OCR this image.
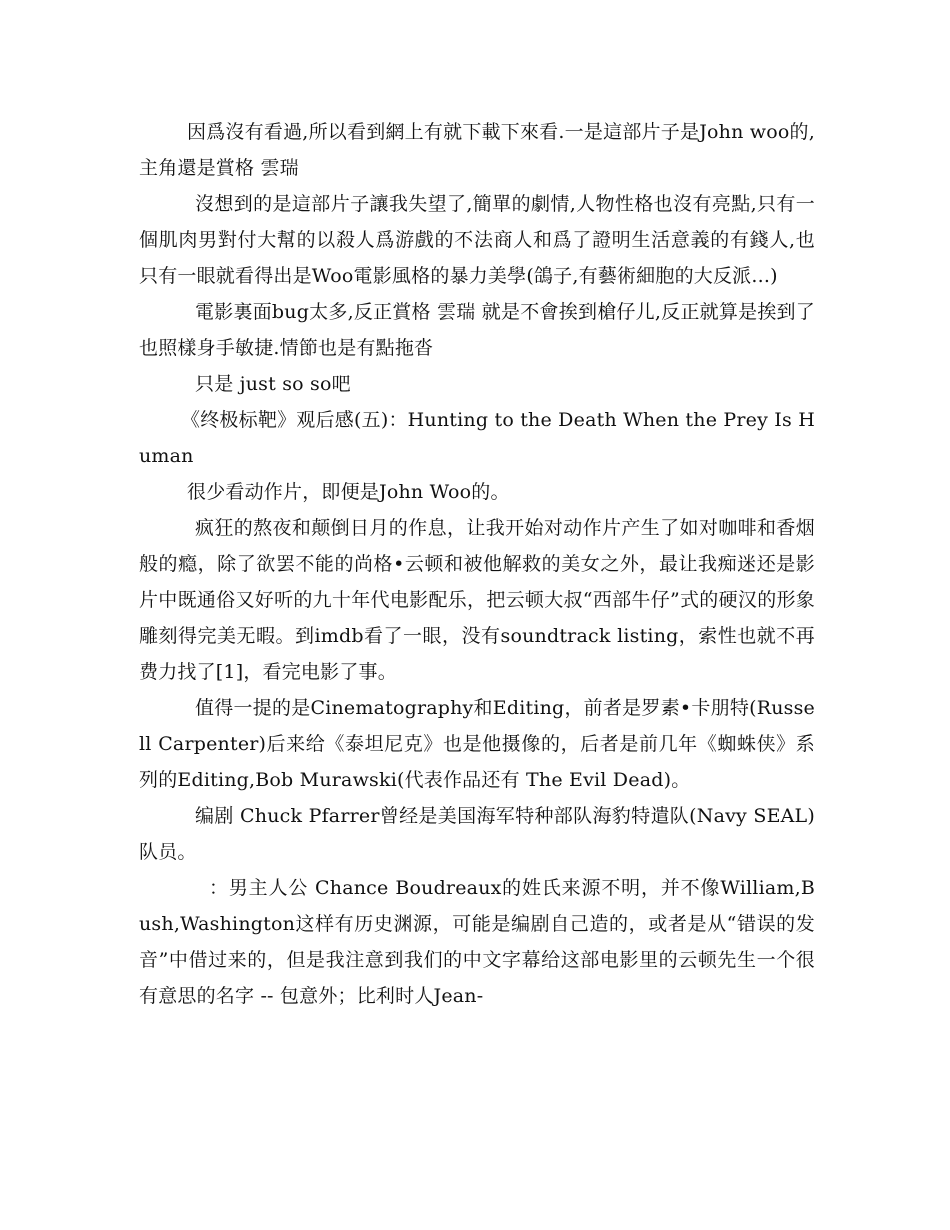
因爲沒有看過,所以看到網上有就下載下來看.一是這部片子是John woo的,主角還是賞格 雲瑞

沒想到的是這部片子讓我失望了,簡單的劇情,人物性格也沒有亮點,只有一個肌肉男對付大幫的以殺人爲游戲的不法商人和爲了證明生活意義的有錢人,也只有一眼就看得出是Woo電影風格的暴力美學(鴿子,有藝術細胞的大反派...)

電影裏面bug太多,反正賞格 雲瑞 就是不會挨到槍仔儿,反正就算是挨到了也照樣身手敏捷.情節也是有點拖沓

只是 just so so吧

《终极标靶》观后感(五)：Hunting to the Death When the Prey Is Human

很少看动作片，即便是John Woo的。

疯狂的熬夜和颠倒日月的作息，让我开始对动作片产生了如对咖啡和香烟般的瘾，除了欲罢不能的尚格•云顿和被他解救的美女之外，最让我痴迷还是影片中既通俗又好听的九十年代电影配乐，把云顿大叔“西部牛仔”式的硬汉的形象雕刻得完美无暇。到imdb看了一眼，没有soundtrack listing，索性也就不再费力找了[1]，看完电影了事。

值得一提的是Cinematography和Editing，前者是罗素•卡朋特(Russell Carpenter)后来给《泰坦尼克》也是他摄像的，后者是前几年《蜘蛛侠》系列的Editing,Bob Murawski(代表作品还有 The Evil Dead)。

编剧 Chuck Pfarrer曾经是美国海军特种部队海豹特遣队(Navy SEAL)队员。

：男主人公 Chance Boudreaux的姓氏来源不明，并不像William,Bush,Washington这样有历史渊源，可能是编剧自己造的，或者是从“错误的发音”中借过来的，但是我注意到我们的中文字幕给这部电影里的云顿先生一个很有意思的名字 -- 包意外；比利时人Jean-
